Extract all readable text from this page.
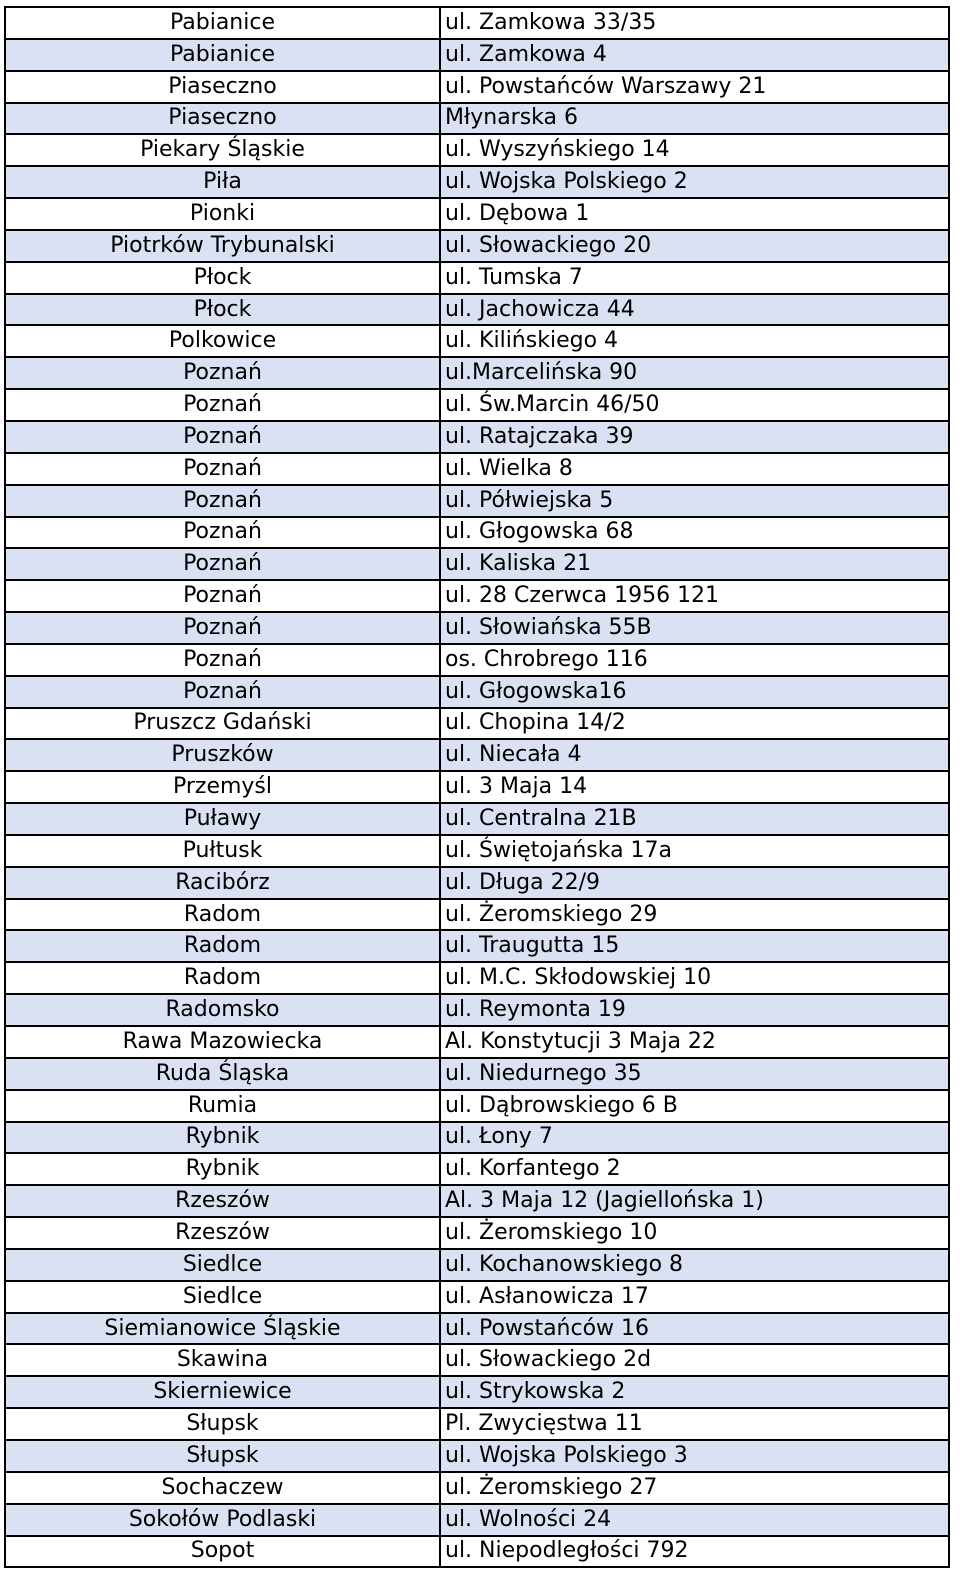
Pabianice	ul. Zamkowa 33/35
Pabianice	ul. Zamkowa 4
Piaseczno	ul. Powstańców Warszawy 21
Piaseczno	Młynarska 6
Piekary Śląskie	ul. Wyszyńskiego 14
Piła	ul. Wojska Polskiego 2
Pionki	ul. Dębowa 1
Piotrków Trybunalski	ul. Słowackiego 20
Płock	ul. Tumska 7
Płock	ul. Jachowicza 44
Polkowice	ul. Kilińskiego 4
Poznań	ul.Marcelińska 90
Poznań	ul. Św.Marcin 46/50
Poznań	ul. Ratajczaka 39
Poznań	ul. Wielka 8
Poznań	ul. Półwiejska 5
Poznań	ul. Głogowska 68
Poznań	ul. Kaliska 21
Poznań	ul. 28 Czerwca 1956 121
Poznań	ul. Słowiańska 55B
Poznań	os. Chrobrego 116
Poznań	ul. Głogowska16
Pruszcz Gdański	ul. Chopina 14/2
Pruszków	ul. Niecała 4
Przemyśl	ul. 3 Maja 14
Puławy	ul. Centralna 21B
Pułtusk	ul. Świętojańska 17a
Racibórz	ul. Długa 22/9
Radom	ul. Żeromskiego 29
Radom	ul. Traugutta 15
Radom	ul. M.C. Skłodowskiej 10
Radomsko	ul. Reymonta 19
Rawa Mazowiecka	Al. Konstytucji 3 Maja 22
Ruda Śląska	ul. Niedurnego 35
Rumia	ul. Dąbrowskiego 6 B
Rybnik	ul. Łony 7
Rybnik	ul. Korfantego 2
Rzeszów	Al. 3 Maja 12 (Jagiellońska 1)
Rzeszów	ul. Żeromskiego 10
Siedlce	ul. Kochanowskiego 8
Siedlce	ul. Asłanowicza 17
Siemianowice Śląskie	ul. Powstańców 16
Skawina	ul. Słowackiego 2d
Skierniewice	ul. Strykowska 2
Słupsk	Pl. Zwycięstwa 11
Słupsk	ul. Wojska Polskiego 3
Sochaczew	ul. Żeromskiego 27
Sokołów Podlaski	ul. Wolności 24
Sopot	ul. Niepodległości 792
